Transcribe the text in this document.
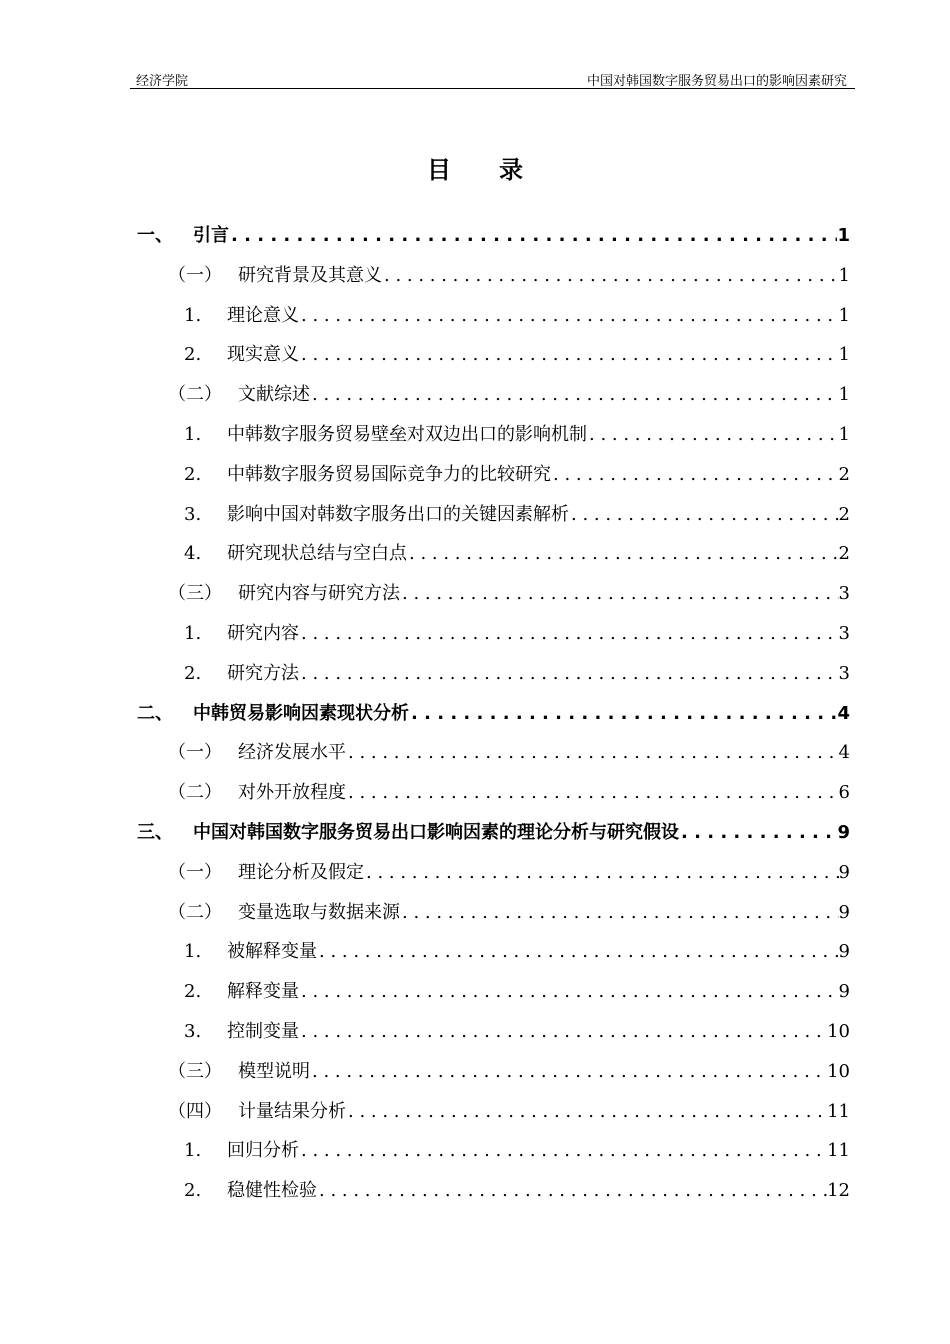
经济学院	中国对韩国数字服务贸易出口的影响因素研究
目录
一、	引言 . . .	1
（一） 研究背景及其意义 . . .	1
1.	理论意义 . . .	1
2.	现实意义 . . .	1
（二） 文献综述 . . .	1
1.	中韩数字服务贸易壁垒对双边出口的影响机制 . . .	1
2.	中韩数字服务贸易国际竞争力的比较研究 . . .	2
3.	影响中国对韩数字服务出口的关键因素解析 . . .	2
4.	研究现状总结与空白点 . . .	2
（三） 研究内容与研究方法 . . .	3
1.	研究内容 . . .	3
2.	研究方法 . . .	3
二、	中韩贸易影响因素现状分析 . . .	4
（一） 经济发展水平 . . .	4
（二） 对外开放程度 . . .	6
三、	中国对韩国数字服务贸易出口影响因素的理论分析与研究假设 . . .	9
（一） 理论分析及假定 . . .	9
（二） 变量选取与数据来源 . . .	9
1.	被解释变量 . . .	9
2.	解释变量 . . .	9
3.	控制变量 . . .	10
（三） 模型说明 . . .	10
（四） 计量结果分析 . . .	11
1.	回归分析 . . .	11
2.	稳健性检验 . . .	12
